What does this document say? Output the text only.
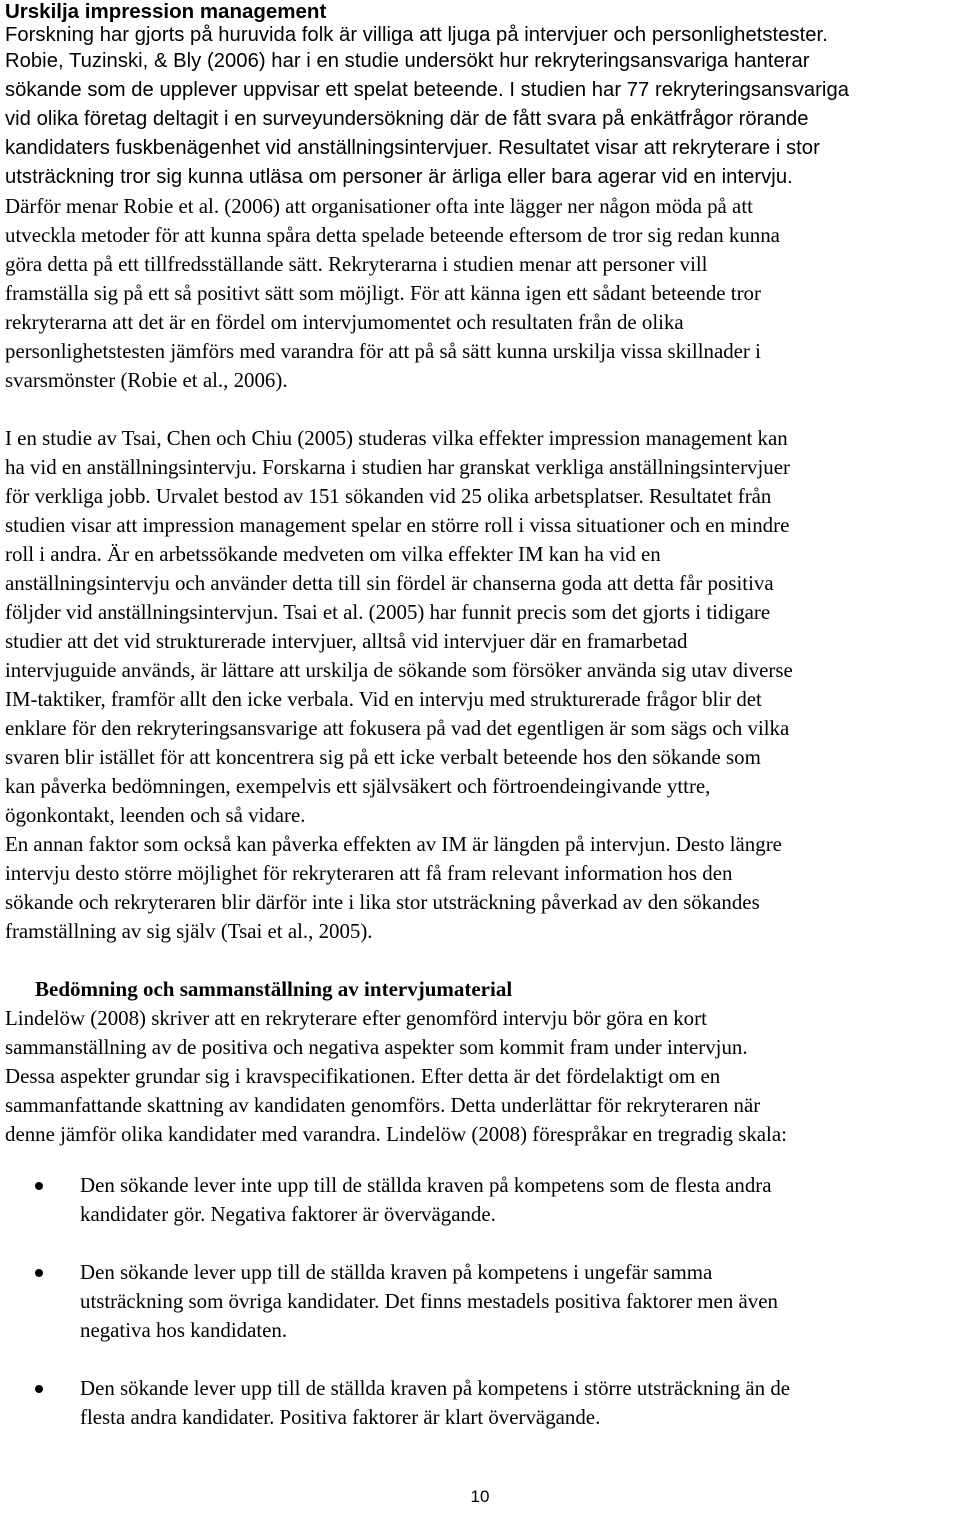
Urskilja impression management

Forskning har gjorts på huruvida folk är villiga att ljuga på intervjuer och personlighetstester.
Robie, Tuzinski, & Bly (2006) har i en studie undersökt hur rekryteringsansvariga hanterar
sökande som de upplever uppvisar ett spelat beteende. I studien har 77 rekryteringsansvariga
vid olika företag deltagit i en surveyundersökning där de fått svara på enkätfrågor rörande
kandidaters fuskbenägenhet vid anställningsintervjuer. Resultatet visar att rekryterare i stor
utsträckning tror sig kunna utläsa om personer är ärliga eller bara agerar vid en intervju.

Därför menar Robie et al. (2006) att organisationer ofta inte lägger ner någon möda på att
utveckla metoder för att kunna spåra detta spelade beteende eftersom de tror sig redan kunna
göra detta på ett tillfredsställande sätt. Rekryterarna i studien menar att personer vill
framställa sig på ett så positivt sätt som möjligt. För att känna igen ett sådant beteende tror
rekryterarna att det är en fördel om intervjumomentet och resultaten från de olika
personlighetstesten jämförs med varandra för att på så sätt kunna urskilja vissa skillnader i
svarsmönster (Robie et al., 2006).

I en studie av Tsai, Chen och Chiu (2005) studeras vilka effekter impression management kan
ha vid en anställningsintervju. Forskarna i studien har granskat verkliga anställningsintervjuer
för verkliga jobb. Urvalet bestod av 151 sökanden vid 25 olika arbetsplatser. Resultatet från
studien visar att impression management spelar en större roll i vissa situationer och en mindre
roll i andra. Är en arbetssökande medveten om vilka effekter IM kan ha vid en
anställningsintervju och använder detta till sin fördel är chanserna goda att detta får positiva
följder vid anställningsintervjun. Tsai et al. (2005) har funnit precis som det gjorts i tidigare
studier att det vid strukturerade intervjuer, alltså vid intervjuer där en framarbetad
intervjuguide används, är lättare att urskilja de sökande som försöker använda sig utav diverse
IM-taktiker, framför allt den icke verbala. Vid en intervju med strukturerade frågor blir det
enklare för den rekryteringsansvarige att fokusera på vad det egentligen är som sägs och vilka
svaren blir istället för att koncentrera sig på ett icke verbalt beteende hos den sökande som
kan påverka bedömningen, exempelvis ett självsäkert och förtroendeingivande yttre,
ögonkontakt, leenden och så vidare.

En annan faktor som också kan påverka effekten av IM är längden på intervjun. Desto längre
intervju desto större möjlighet för rekryteraren att få fram relevant information hos den
sökande och rekryteraren blir därför inte i lika stor utsträckning påverkad av den sökandes
framställning av sig själv (Tsai et al., 2005).

Bedömning och sammanställning av intervjumaterial

Lindelöw (2008) skriver att en rekryterare efter genomförd intervju bör göra en kort
sammanställning av de positiva och negativa aspekter som kommit fram under intervjun.
Dessa aspekter grundar sig i kravspecifikationen. Efter detta är det fördelaktigt om en
sammanfattande skattning av kandidaten genomförs. Detta underlättar för rekryteraren när
denne jämför olika kandidater med varandra. Lindelöw (2008) förespråkar en tregradig skala:

Den sökande lever inte upp till de ställda kraven på kompetens som de flesta andra
kandidater gör. Negativa faktorer är övervägande.
Den sökande lever upp till de ställda kraven på kompetens i ungefär samma
utsträckning som övriga kandidater. Det finns mestadels positiva faktorer men även
negativa hos kandidaten.
Den sökande lever upp till de ställda kraven på kompetens i större utsträckning än de
flesta andra kandidater. Positiva faktorer är klart övervägande.
10
